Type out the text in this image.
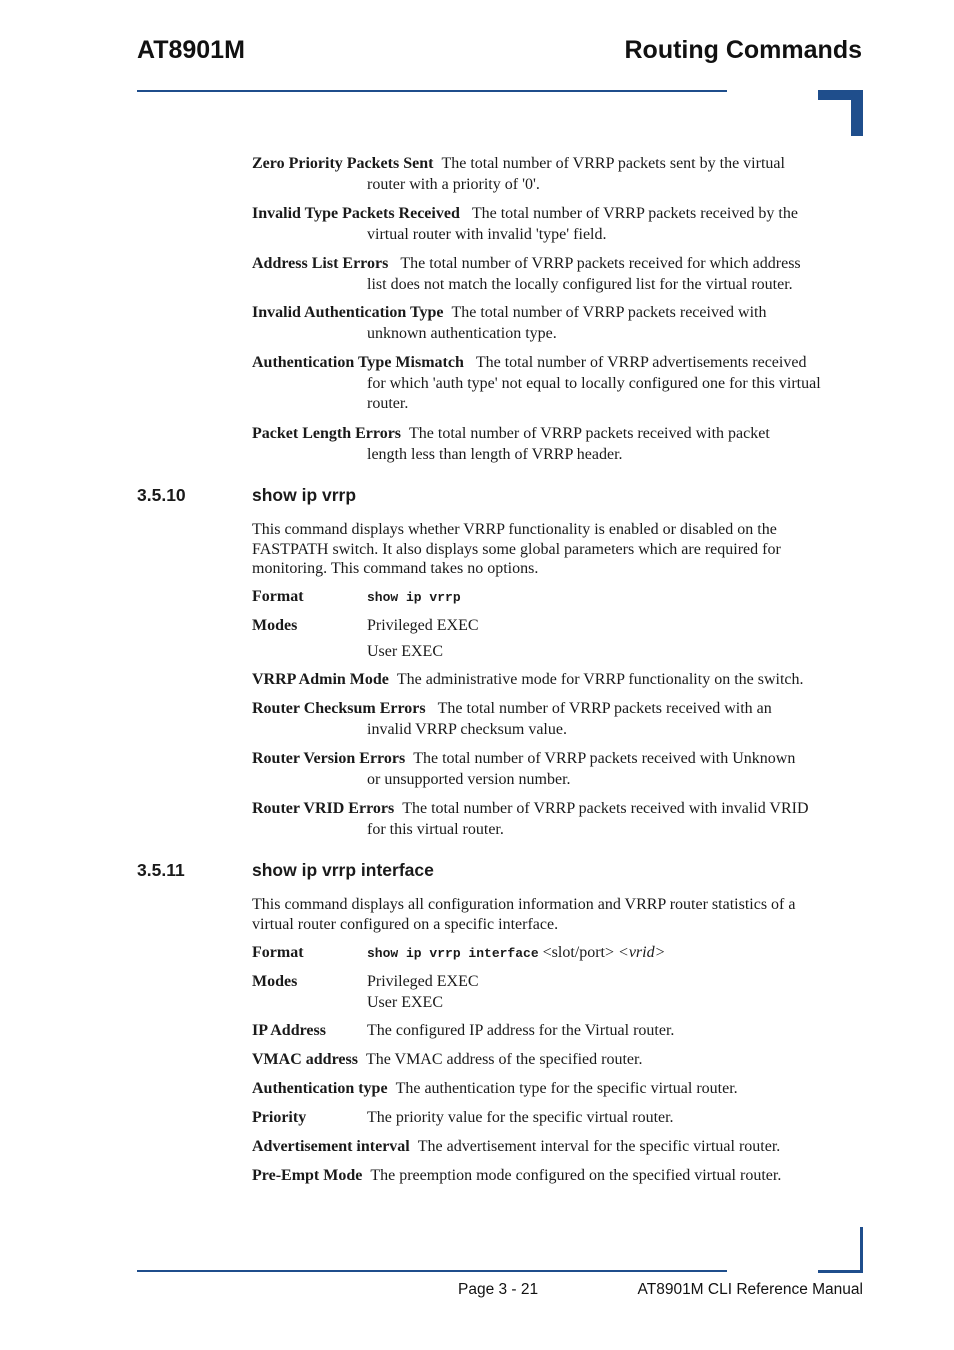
AT8901M	Routing Commands
Zero Priority Packets Sent The total number of VRRP packets sent by the virtual
router with a priority of '0'.
Invalid Type Packets Received The total number of VRRP packets received by the
virtual router with invalid 'type' field.
Address List Errors The total number of VRRP packets received for which address
list does not match the locally configured list for the virtual router.
Invalid Authentication Type The total number of VRRP packets received with
unknown authentication type.
Authentication Type Mismatch The total number of VRRP advertisements received
for which 'auth type' not equal to locally configured one for this virtual
router.
Packet Length Errors The total number of VRRP packets received with packet
length less than length of VRRP header.
3.5.10	show ip vrrp
This command displays whether VRRP functionality is enabled or disabled on the
FASTPATH switch. It also displays some global parameters which are required for
monitoring. This command takes no options.
Format	show ip vrrp
Modes	Privileged EXEC
User EXEC
VRRP Admin Mode The administrative mode for VRRP functionality on the switch.
Router Checksum Errors The total number of VRRP packets received with an
invalid VRRP checksum value.
Router Version Errors The total number of VRRP packets received with Unknown
or unsupported version number.
Router VRID Errors The total number of VRRP packets received with invalid VRID
for this virtual router.
3.5.11	show ip vrrp interface
This command displays all configuration information and VRRP router statistics of a
virtual router configured on a specific interface.
Format	show ip vrrp interface <slot/port> <vrid>
Modes	Privileged EXEC
User EXEC
IP Address	The configured IP address for the Virtual router.
VMAC address The VMAC address of the specified router.
Authentication type The authentication type for the specific virtual router.
Priority	The priority value for the specific virtual router.
Advertisement interval The advertisement interval for the specific virtual router.
Pre-Empt Mode The preemption mode configured on the specified virtual router.
Page 3 - 21	AT8901M CLI Reference Manual
